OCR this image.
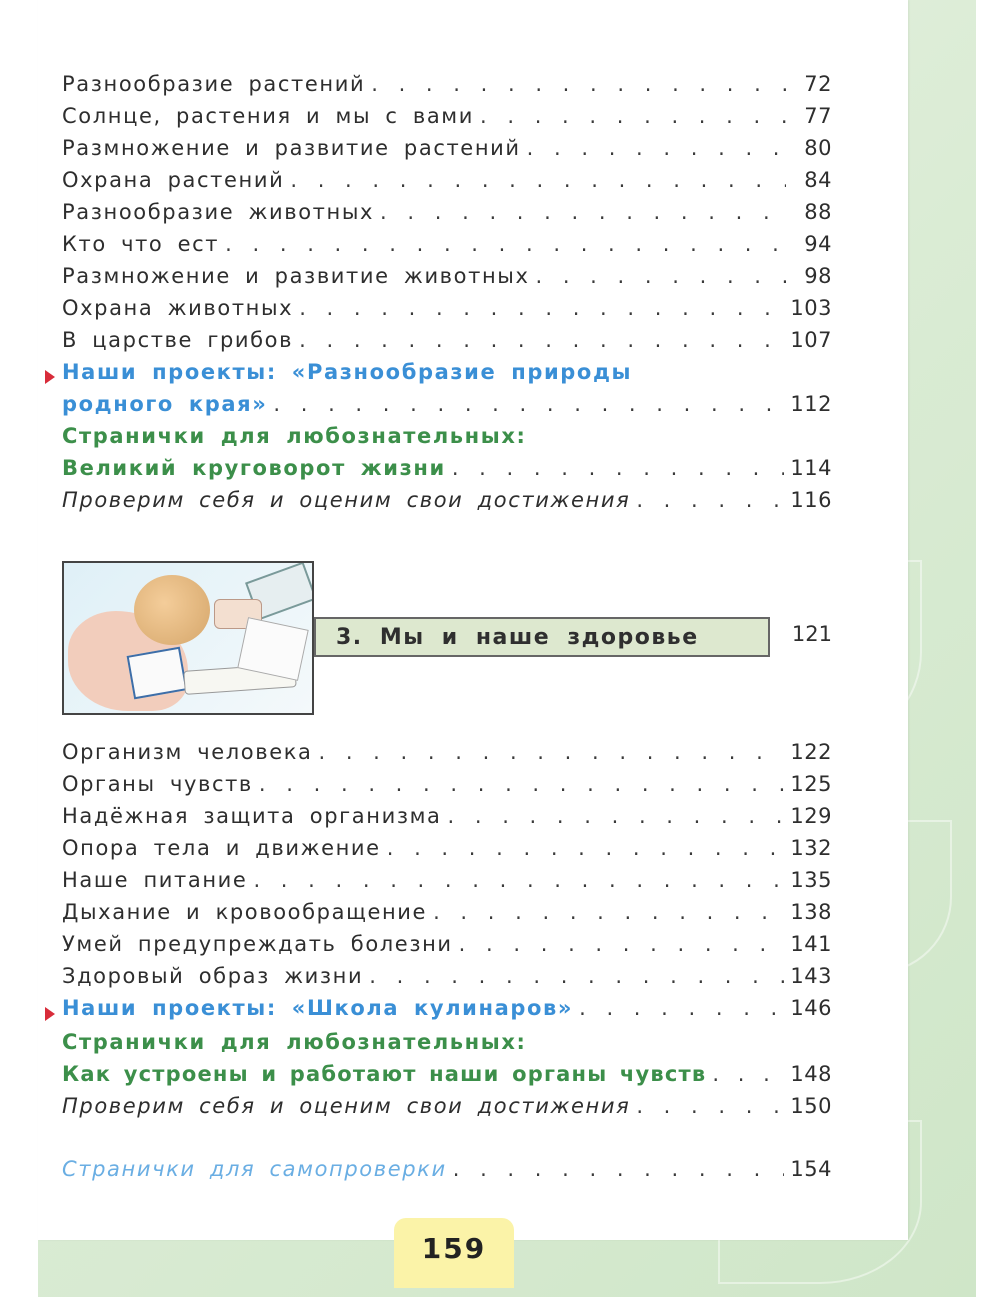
Разнообразие растений . . .	72
Солнце, растения и мы с вами . . .	77
Размножение и развитие растений . . .	80
Охрана растений . . .	84
Разнообразие животных . . .	88
Кто что ест . . .	94
Размножение и развитие животных . . .	98
Охрана животных . . .	103
В царстве грибов . . .	107
Наши проекты: «Разнообразие природы
родного края» . . .	112
Странички для любознательных:
Великий круговорот жизни . . .	114
Проверим себя и оценим свои достижения . . .	116
3. Мы и наше здоровье	121
Организм человека . . .	122
Органы чувств . . .	125
Надёжная защита организма . . .	129
Опора тела и движение . . .	132
Наше питание . . .	135
Дыхание и кровообращение . . .	138
Умей предупреждать болезни . . .	141
Здоровый образ жизни . . .	143
Наши проекты: «Школа кулинаров» . . .	146
Странички для любознательных:
Как устроены и работают наши органы чувств . . .	148
Проверим себя и оценим свои достижения . . .	150
Странички для самопроверки . . .	154
159
